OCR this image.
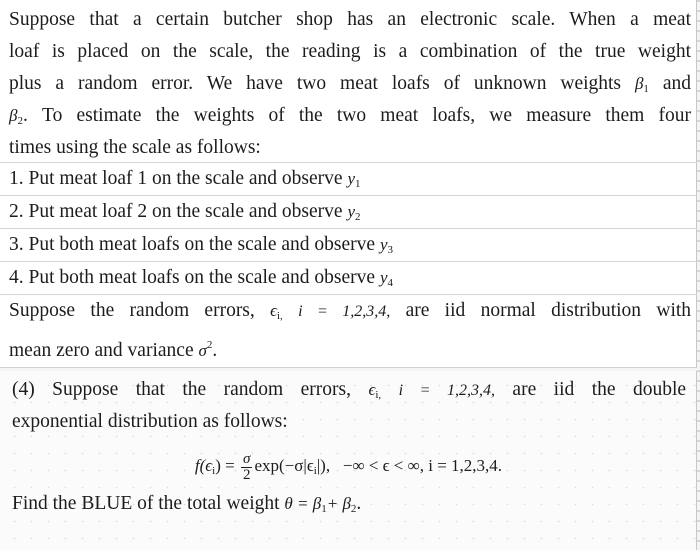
Suppose that a certain butcher shop has an electronic scale. When a meat
loaf is placed on the scale, the reading is a combination of the true weight
plus a random error. We have two meat loafs of unknown weights $\beta_1$ and
$\beta_2$. To estimate the weights of the two meat loafs, we measure them four
times using the scale as follows:
1. Put meat loaf 1 on the scale and observe $y_1$
2. Put meat loaf 2 on the scale and observe $y_2$
3. Put both meat loafs on the scale and observe $y_3$
4. Put both meat loafs on the scale and observe $y_4$
Suppose the random errors, $\epsilon_{i,}$ i = 1,2,3,4, are iid normal distribution with
mean zero and variance $\sigma^2$.
(4) Suppose that the random errors, $\epsilon_{i,}$ i = 1,2,3,4, are iid the double
exponential distribution as follows:
$f(\epsilon_i) = \frac{\sigma}{2} \exp(-\sigma|\epsilon_i|)$, −∞ < ϵ < ∞, i = 1,2,3,4.
Find the BLUE of the total weight $\theta = \beta_1+ \beta_2$.
